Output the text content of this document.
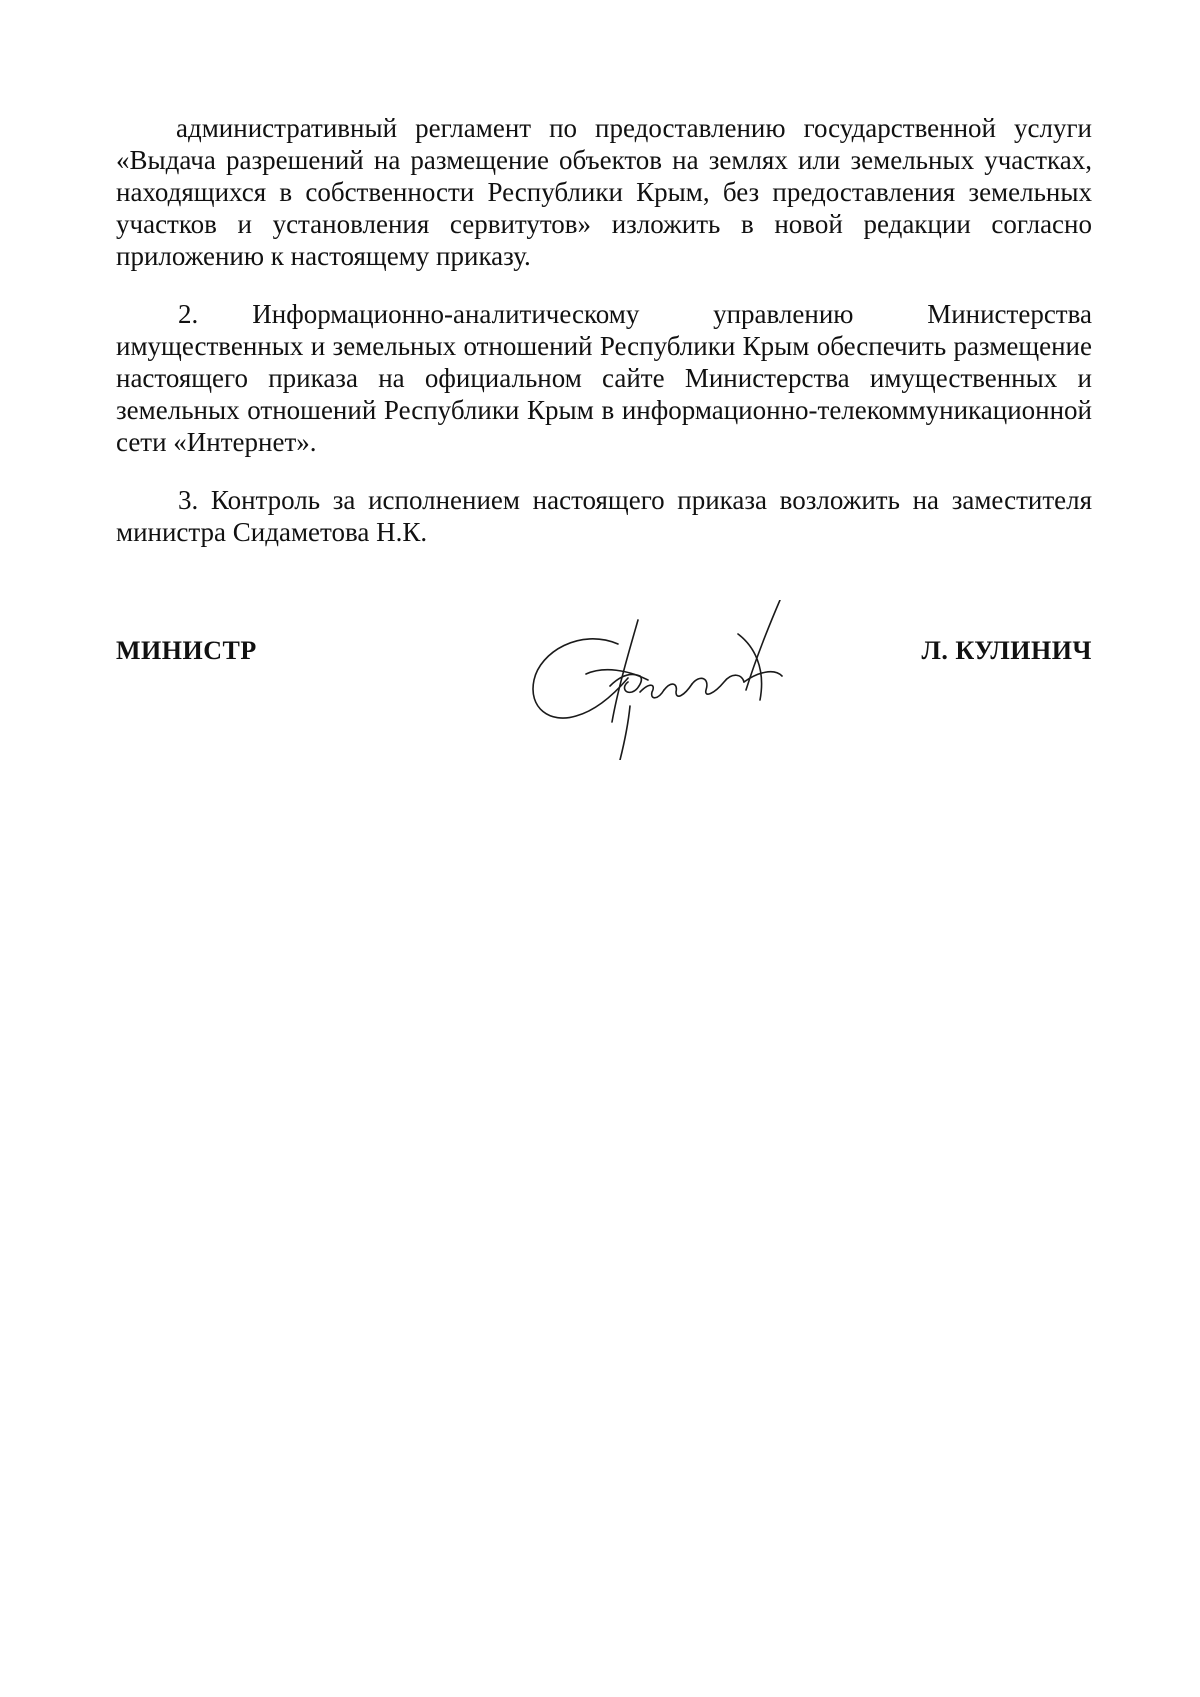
административный регламент по предоставлению государственной услуги «Выдача разрешений на размещение объектов на землях или земельных участках, находящихся в собственности Республики Крым, без предоставления земельных участков и установления сервитутов» изложить в новой редакции согласно приложению к настоящему приказу.

2.  Информационно-аналитическому управлению Министерства имущественных и земельных отношений Республики Крым обеспечить размещение настоящего приказа на официальном сайте Министерства имущественных и земельных отношений Республики Крым в информационно-телекоммуникационной сети «Интернет».

3. Контроль за исполнением настоящего приказа возложить на заместителя министра Сидаметова Н.К.

МИНИСТР	Л. КУЛИНИЧ
